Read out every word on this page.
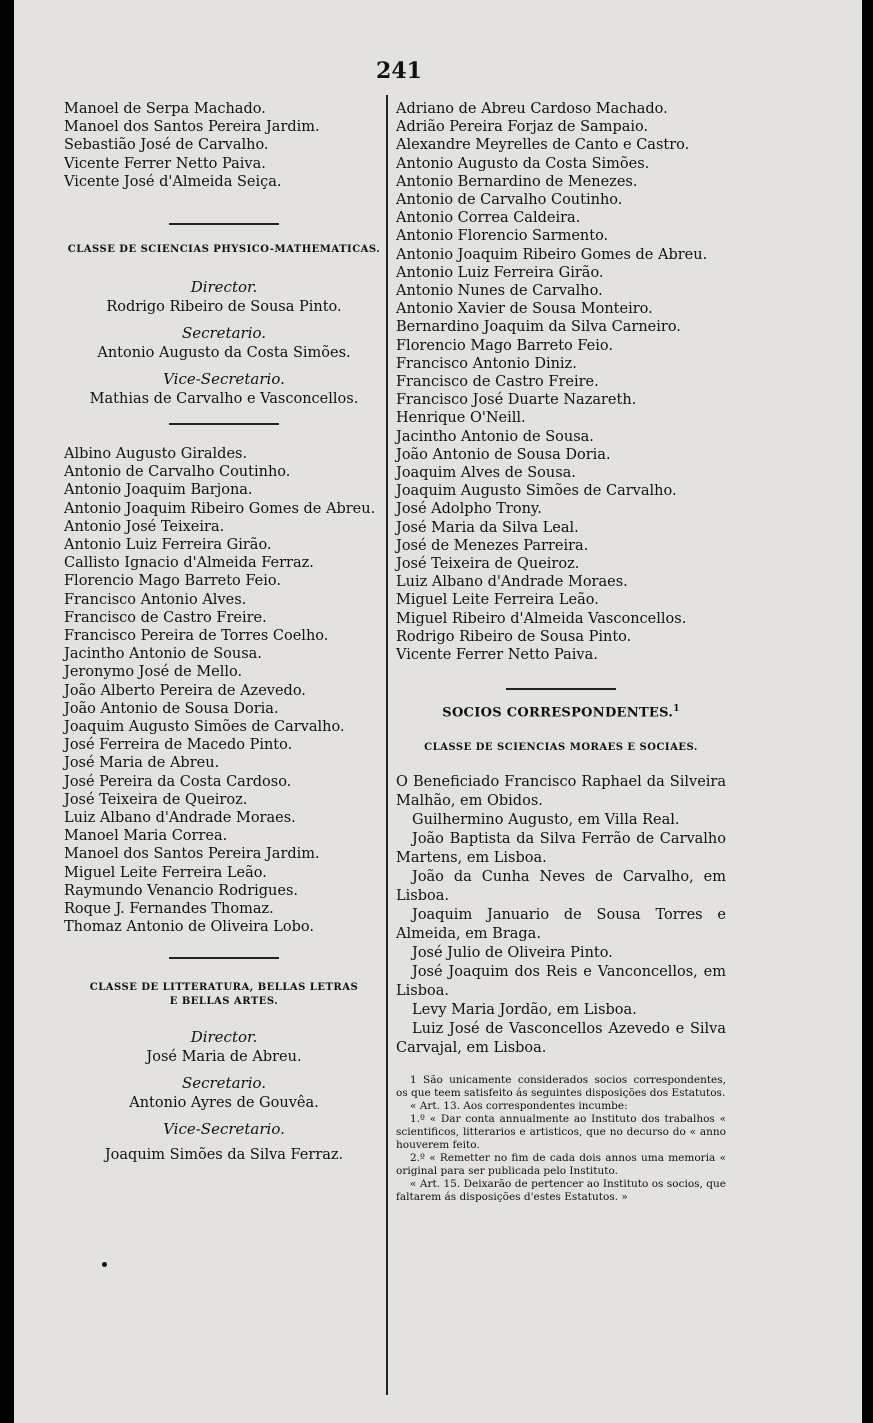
241
Manoel de Serpa Machado.
Manoel dos Santos Pereira Jardim.
Sebastião José de Carvalho.
Vicente Ferrer Netto Paiva.
Vicente José d'Almeida Seiça.
CLASSE DE SCIENCIAS PHYSICO-MATHEMATICAS.
Director.
Rodrigo Ribeiro de Sousa Pinto.
Secretario.
Antonio Augusto da Costa Simões.
Vice-Secretario.
Mathias de Carvalho e Vasconcellos.
Albino Augusto Giraldes.
Antonio de Carvalho Coutinho.
Antonio Joaquim Barjona.
Antonio Joaquim Ribeiro Gomes de Abreu.
Antonio José Teixeira.
Antonio Luiz Ferreira Girão.
Callisto Ignacio d'Almeida Ferraz.
Florencio Mago Barreto Feio.
Francisco Antonio Alves.
Francisco de Castro Freire.
Francisco Pereira de Torres Coelho.
Jacintho Antonio de Sousa.
Jeronymo José de Mello.
João Alberto Pereira de Azevedo.
João Antonio de Sousa Doria.
Joaquim Augusto Simões de Carvalho.
José Ferreira de Macedo Pinto.
José Maria de Abreu.
José Pereira da Costa Cardoso.
José Teixeira de Queiroz.
Luiz Albano d'Andrade Moraes.
Manoel Maria Correa.
Manoel dos Santos Pereira Jardim.
Miguel Leite Ferreira Leão.
Raymundo Venancio Rodrigues.
Roque J. Fernandes Thomaz.
Thomaz Antonio de Oliveira Lobo.
CLASSE DE LITTERATURA, BELLAS LETRAS
E BELLAS ARTES.
Director.
José Maria de Abreu.
Secretario.
Antonio Ayres de Gouvêa.
Vice-Secretario.
Joaquim Simões da Silva Ferraz.
Adriano de Abreu Cardoso Machado.
Adrião Pereira Forjaz de Sampaio.
Alexandre Meyrelles de Canto e Castro.
Antonio Augusto da Costa Simões.
Antonio Bernardino de Menezes.
Antonio de Carvalho Coutinho.
Antonio Correa Caldeira.
Antonio Florencio Sarmento.
Antonio Joaquim Ribeiro Gomes de Abreu.
Antonio Luiz Ferreira Girão.
Antonio Nunes de Carvalho.
Antonio Xavier de Sousa Monteiro.
Bernardino Joaquim da Silva Carneiro.
Florencio Mago Barreto Feio.
Francisco Antonio Diniz.
Francisco de Castro Freire.
Francisco José Duarte Nazareth.
Henrique O'Neill.
Jacintho Antonio de Sousa.
João Antonio de Sousa Doria.
Joaquim Alves de Sousa.
Joaquim Augusto Simões de Carvalho.
José Adolpho Trony.
José Maria da Silva Leal.
José de Menezes Parreira.
José Teixeira de Queiroz.
Luiz Albano d'Andrade Moraes.
Miguel Leite Ferreira Leão.
Miguel Ribeiro d'Almeida Vasconcellos.
Rodrigo Ribeiro de Sousa Pinto.
Vicente Ferrer Netto Paiva.
SOCIOS CORRESPONDENTES.$^1$
CLASSE DE SCIENCIAS MORAES E SOCIAES.
O Beneficiado Francisco Raphael da Silveira Malhão, em Obidos.
Guilhermino Augusto, em Villa Real.
João Baptista da Silva Ferrão de Carvalho Martens, em Lisboa.
João da Cunha Neves de Carvalho, em Lisboa.
Joaquim Januario de Sousa Torres e Almeida, em Braga.
José Julio de Oliveira Pinto.
José Joaquim dos Reis e Vanconcellos, em Lisboa.
Levy Maria Jordão, em Lisboa.
Luiz José de Vasconcellos Azevedo e Silva Carvajal, em Lisboa.
1 São unicamente considerados socios correspondentes, os que teem satisfeito ás seguintes disposições dos Estatutos.
« Art. 13. Aos correspondentes incumbe:
1.º « Dar conta annualmente ao Instituto dos trabalhos « scientificos, litterarios e artisticos, que no decurso do « anno houverem feito.
2.º « Remetter no fim de cada dois annos uma memoria « original para ser publicada pelo Instituto.
« Art. 15. Deixarão de pertencer ao Instituto os socios, que faltarem ás disposições d'estes Estatutos. »
